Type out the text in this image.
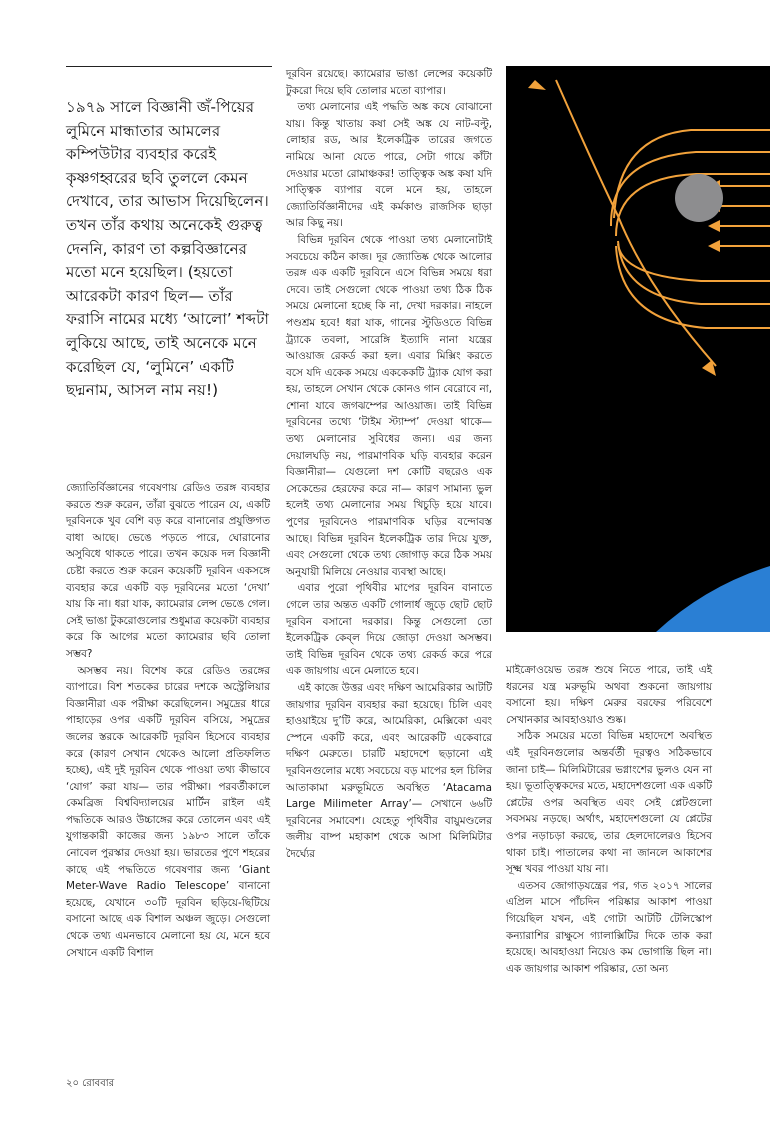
১৯৭৯ সালে বিজ্ঞানী জঁ-পিয়ের লুমিনে মান্ধাতার আমলের কম্পিউটার ব্যবহার করেই কৃষ্ণগহ্বরের ছবি তুললে কেমন দেখাবে, তার আভাস দিয়েছিলেন। তখন তাঁর কথায় অনেকেই গুরুত্ব দেননি, কারণ তা কল্পবিজ্ঞানের মতো মনে হয়েছিল। (হয়তো আরেকটা কারণ ছিল— তাঁর ফরাসি নামের মধ্যে ‘আলো’ শব্দটা লুকিয়ে আছে, তাই অনেকে মনে করেছিল যে, ‘লুমিনে’ একটি ছদ্মনাম, আসল নাম নয়!)

জ্যোতির্বিজ্ঞানের গবেষণায় রেডিও তরঙ্গ ব্যবহার করতে শুরু করেন, তাঁরা বুঝতে পারেন যে, একটি দূরবিনকে খুব বেশি বড় করে বানানোর প্রযুক্তিগত বাধা আছে। ভেঙে পড়তে পারে, ঘোরানোর অসুবিধে থাকতে পারে। তখন কয়েক দল বিজ্ঞানী চেষ্টা করতে শুরু করেন কয়েকটি দূরবিন একসঙ্গে ব্যবহার করে একটি বড় দূরবিনের মতো ‘দেখা’ যায় কি না। ধরা যাক, ক্যামেরার লেন্স ভেঙে গেল। সেই ভাঙা টুকরোগুলোর শুধুমাত্র কয়েকটা ব্যবহার করে কি আগের মতো ক্যামেরার ছবি তোলা সম্ভব?

অসম্ভব নয়। বিশেষ করে রেডিও তরঙ্গের ব্যাপারে। বিশ শতকের চারের দশকে অস্ট্রেলিয়ার বিজ্ঞানীরা এক পরীক্ষা করেছিলেন। সমুদ্রের ধারে পাহাড়ের ওপর একটি দূরবিন বসিয়ে, সমুদ্রের জলের স্তরকে আরেকটি দূরবিন হিসেবে ব্যবহার করে (কারণ সেখান থেকেও আলো প্রতিফলিত হচ্ছে), এই দুই দূরবিন থেকে পাওয়া তথ্য কীভাবে ‘যোগ’ করা যায়— তার পরীক্ষা। পরবর্তীকালে কেমব্রিজ বিশ্ববিদ্যালয়ের মার্টিন রাইল এই পদ্ধতিকে আরও উচ্চাঙ্গের করে তোলেন এবং এই যুগান্তকারী কাজের জন্য ১৯৮৩ সালে তাঁকে নোবেল পুরস্কার দেওয়া হয়। ভারতের পুণে শহরের কাছে এই পদ্ধতিতে গবেষণার জন্য ‘Giant Meter-Wave Radio Telescope’ বানানো হয়েছে, যেখানে ৩০টি দূরবিন ছড়িয়ে-ছিটিয়ে বসানো আছে এক বিশাল অঞ্চল জুড়ে। সেগুলো থেকে তথ্য এমনভাবে মেলানো হয় যে, মনে হবে সেখানে একটি বিশাল

দূরবিন রয়েছে। ক্যামেরার ভাঙা লেন্সের কয়েকটি টুকরো দিয়ে ছবি তোলার মতো ব্যাপার।

তথ্য মেলানোর এই পদ্ধতি অঙ্ক কষে বোঝানো যায়। কিন্তু খাতায় কষা সেই অঙ্ক যে নাট-বল্টু, লোহার রড, আর ইলেকট্রিক তারের জগতে নামিয়ে আনা যেতে পারে, সেটা গায়ে কাঁটা দেওয়ার মতো রোমাঞ্চকর! তাত্ত্বিক অঙ্ক কষা যদি সাত্ত্বিক ব্যাপার বলে মনে হয়, তাহলে জ্যোতির্বিজ্ঞানীদের এই কর্মকাণ্ড রাজসিক ছাড়া আর কিছু নয়।

বিভিন্ন দূরবিন থেকে পাওয়া তথ্য মেলানোটাই সবচেয়ে কঠিন কাজ। দূর জ্যোতিষ্ক থেকে আলোর তরঙ্গ এক একটি দূরবিনে এসে বিভিন্ন সময়ে ধরা দেবে। তাই সেগুলো থেকে পাওয়া তথ্য ঠিক ঠিক সময়ে মেলানো হচ্ছে কি না, দেখা দরকার। নাহলে পণ্ডশ্রম হবে! ধরা যাক, গানের স্টুডিওতে বিভিন্ন ট্র্যাকে তবলা, সারেঙ্গি ইত্যাদি নানা যন্ত্রের আওয়াজ রেকর্ড করা হল। এবার মিক্সিং করতে বসে যদি একেক সময়ে এককেকটি ট্র্যাক যোগ করা হয়, তাহলে সেখান থেকে কোনও গান বেরোবে না, শোনা যাবে জগঝম্পের আওয়াজ। তাই বিভিন্ন দূরবিনের তথ্যে ‘টাইম স্ট্যাম্প’ দেওয়া থাকে— তথ্য মেলানোর সুবিধের জন্য। এর জন্য দেয়ালঘড়ি নয়, পারমাণবিক ঘড়ি ব্যবহার করেন বিজ্ঞানীরা— যেগুলো দশ কোটি বছরেও এক সেকেন্ডের হেরফের করে না— কারণ সামান্য ভুল হলেই তথ্য মেলানোর সময় খিচুড়ি হয়ে যাবে। পুণের দূরবিনেও পারমাণবিক ঘড়ির বন্দোবস্ত আছে। বিভিন্ন দূরবিন ইলেকট্রিক তার দিয়ে যুক্ত, এবং সেগুলো থেকে তথ্য জোগাড় করে ঠিক সময় অনুযায়ী মিলিয়ে নেওয়ার ব্যবস্থা আছে।

এবার পুরো পৃথিবীর মাপের দূরবিন বানাতে গেলে তার অন্তত একটি গোলার্ধ জুড়ে ছোট ছোট দূরবিন বসানো দরকার। কিন্তু সেগুলো তো ইলেকট্রিক কেব্‌ল দিয়ে জোড়া দেওয়া অসম্ভব। তাই বিভিন্ন দূরবিন থেকে তথ্য রেকর্ড করে পরে এক জায়গায় এনে মেলাতে হবে।

এই কাজে উত্তর এবং দক্ষিণ আমেরিকার আটটি জায়গার দূরবিন ব্যবহার করা হয়েছে। চিলি এবং হাওয়াইয়ে দু’টি করে, আমেরিকা, মেক্সিকো এবং স্পেনে একটি করে, এবং আরেকটি একেবারে দক্ষিণ মেরুতে। চারটি মহাদেশে ছড়ানো এই দূরবিনগুলোর মধ্যে সবচেয়ে বড় মাপের হল চিলির আতাকামা মরুভূমিতে অবস্থিত ‘Atacama Large Milimeter Array’— সেখানে ৬৬টি দূরবিনের সমাবেশ। যেহেতু পৃথিবীর বায়ুমণ্ডলের জলীয় বাষ্প মহাকাশ থেকে আসা মিলিমিটার দৈর্ঘ্যের

মাইক্রোওয়েভ তরঙ্গ শুষে নিতে পারে, তাই এই ধরনের যন্ত্র মরুভূমি অথবা শুকনো জায়গায় বসানো হয়। দক্ষিণ মেরুর বরফের পরিবেশে সেখানকার আবহাওয়াও শুষ্ক।

সঠিক সময়ের মতো বিভিন্ন মহাদেশে অবস্থিত এই দূরবিনগুলোর অন্তর্বর্তী দূরত্বও সঠিকভাবে জানা চাই— মিলিমিটারের ভগ্নাংশের ভুলও যেন না হয়। ভূতাত্ত্বিকদের মতে, মহাদেশগুলো এক একটি প্লেটের ওপর অবস্থিত এবং সেই প্লেটগুলো সবসময় নড়ছে। অর্থাৎ, মহাদেশগুলো যে প্লেটের ওপর নড়াচড়া করছে, তার হেলদোলেরও হিসেব থাকা চাই। পাতালের কথা না জানলে আকাশের সূক্ষ্ম খবর পাওয়া যায় না।

এতসব জোগাড়যন্ত্রের পর, গত ২০১৭ সালের এপ্রিল মাসে পাঁচদিন পরিষ্কার আকাশ পাওয়া গিয়েছিল যখন, এই গোটা আটটি টেলিস্কোপ কন্যারাশির রাক্ষুসে গ্যালাক্সিটির দিকে তাক করা হয়েছে। আবহাওয়া নিয়েও কম ভোগান্তি ছিল না। এক জায়গার আকাশ পরিষ্কার, তো অন্য

২০ রোববার
